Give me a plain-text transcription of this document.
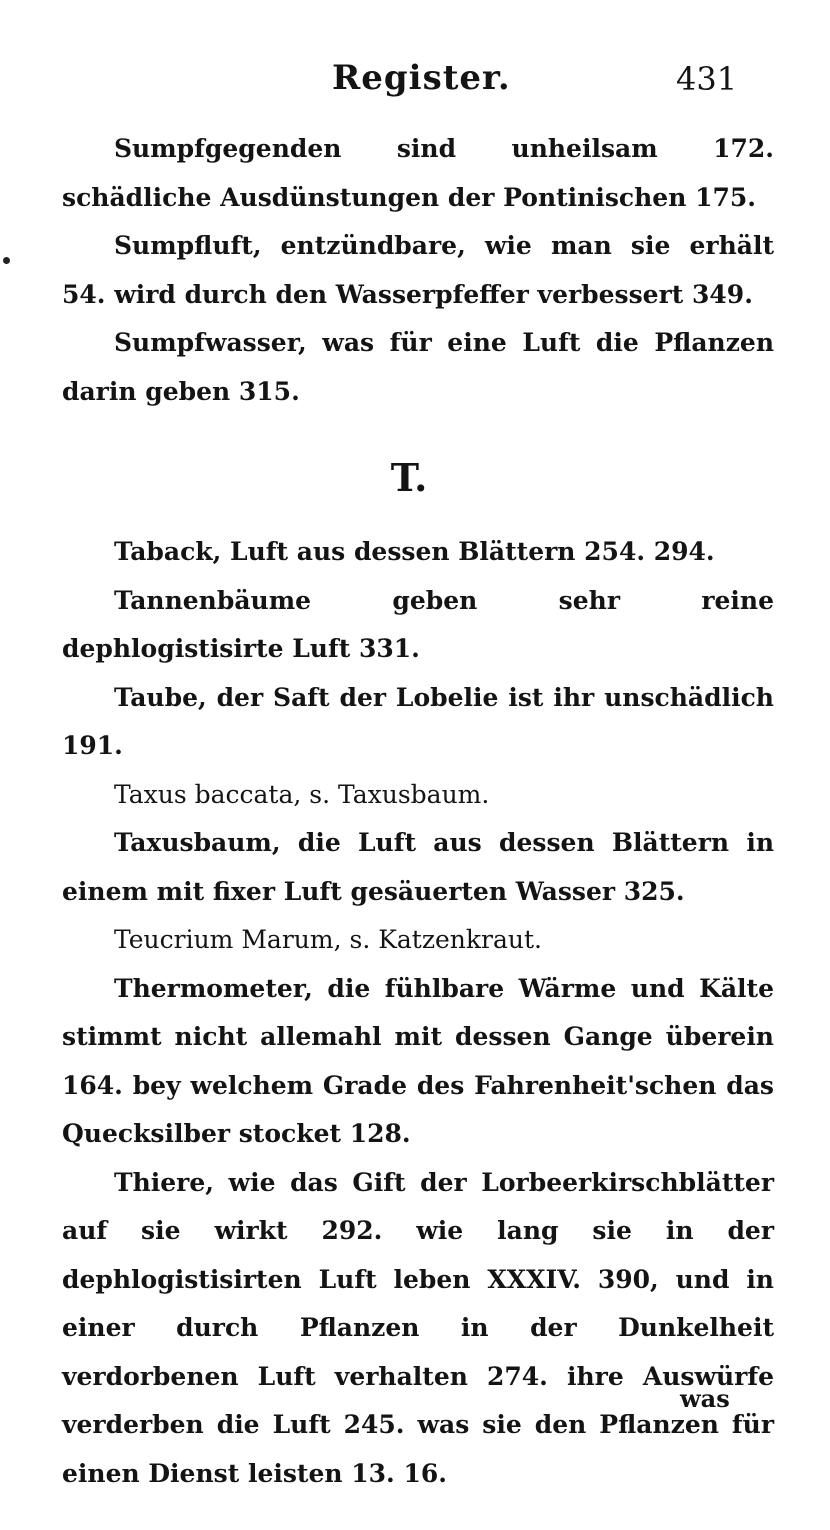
Register.	431

Sumpfgegenden sind unheilsam 172. schädliche Ausdünstungen der Pontinischen 175.

Sumpfluft, entzündbare, wie man sie erhält 54. wird durch den Wasserpfeffer verbessert 349.

Sumpfwasser, was für eine Luft die Pflanzen darin geben 315.

T.

Taback, Luft aus dessen Blättern 254. 294.

Tannenbäume geben sehr reine dephlogistisirte Luft 331.

Taube, der Saft der Lobelie ist ihr unschädlich 191.

Taxus baccata, s. Taxusbaum.

Taxusbaum, die Luft aus dessen Blättern in einem mit fixer Luft gesäuerten Wasser 325.

Teucrium Marum, s. Katzenkraut.

Thermometer, die fühlbare Wärme und Kälte stimmt nicht allemahl mit dessen Gange überein 164. bey welchem Grade des Fahrenheit'schen das Quecksilber stocket 128.

Thiere, wie das Gift der Lorbeerkirschblätter auf sie wirkt 292. wie lang sie in der dephlogistisirten Luft leben XXXIV. 390, und in einer durch Pflanzen in der Dunkelheit verdorbenen Luft verhalten 274. ihre Auswürfe verderben die Luft 245. was sie den Pflanzen für einen Dienst leisten 13. 16.

was
